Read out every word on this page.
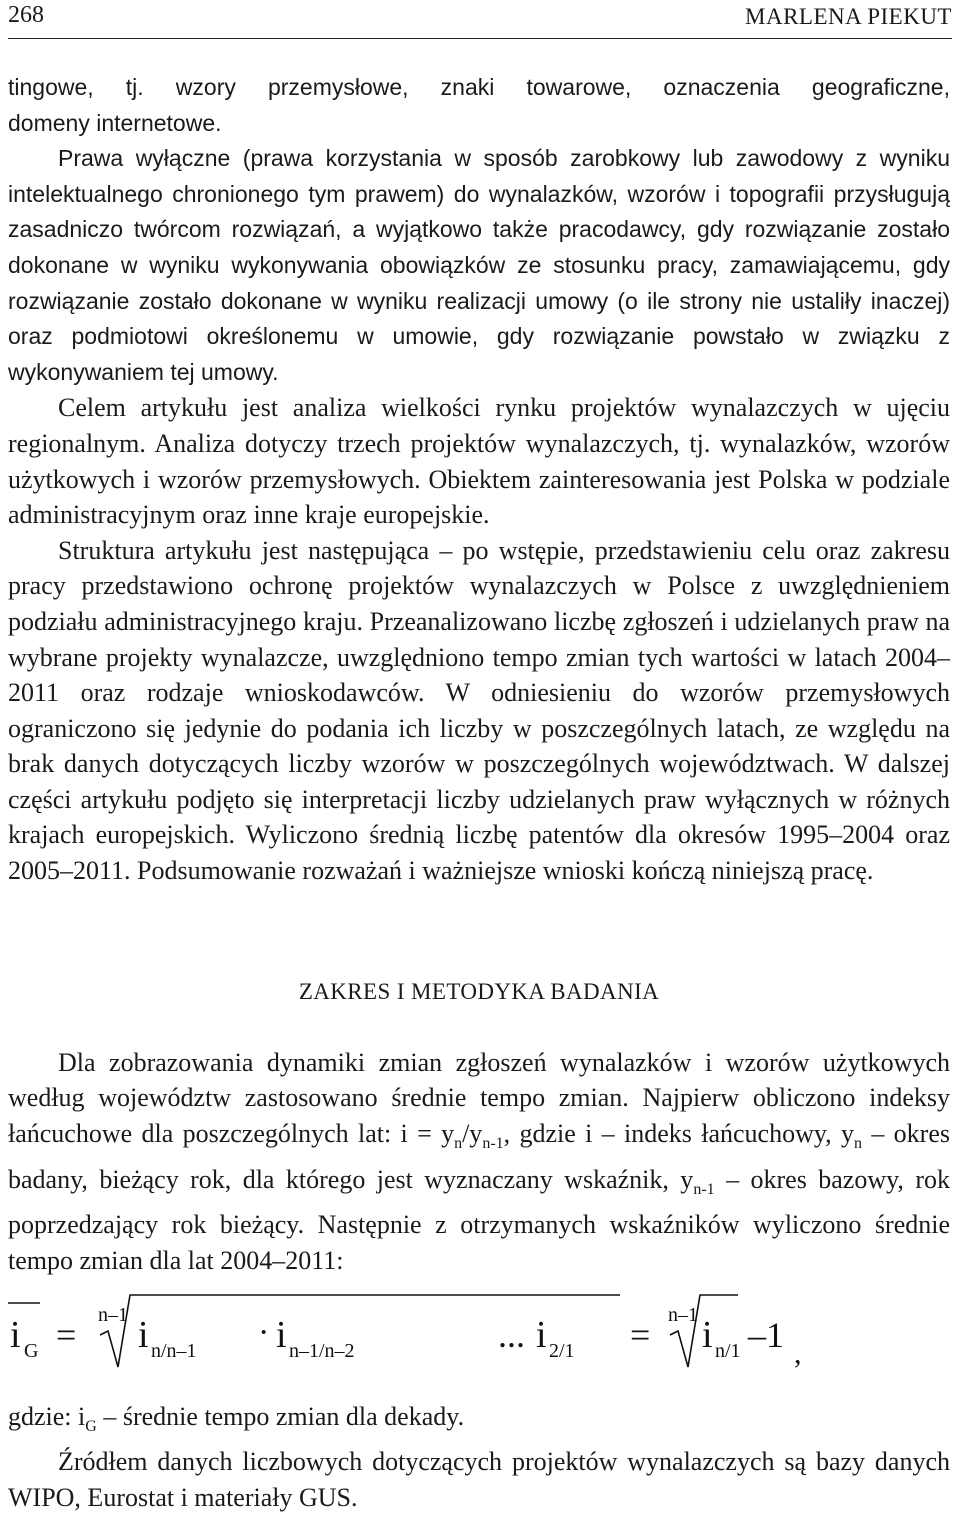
268	MARLENA PIEKUT

tingowe, tj. wzory przemysłowe, znaki towarowe, oznaczenia geograficzne,
domeny internetowe.

Prawa wyłączne (prawa korzystania w sposób zarobkowy lub zawodowy z wyniku intelektualnego chronionego tym prawem) do wynalazków, wzorów i topografii przysługują zasadniczo twórcom rozwiązań, a wyjątkowo także pracodawcy, gdy rozwiązanie zostało dokonane w wyniku wykonywania obowiązków ze stosunku pracy, zamawiającemu, gdy rozwiązanie zostało dokonane w wyniku realizacji umowy (o ile strony nie ustaliły inaczej) oraz podmiotowi określonemu w umowie, gdy rozwiązanie powstało w związku z wykonywaniem tej umowy.

Celem artykułu jest analiza wielkości rynku projektów wynalazczych w ujęciu regionalnym. Analiza dotyczy trzech projektów wynalazczych, tj. wynalazków, wzorów użytkowych i wzorów przemysłowych. Obiektem zainteresowania jest Polska w podziale administracyjnym oraz inne kraje europejskie.

Struktura artykułu jest następująca – po wstępie, przedstawieniu celu oraz zakresu pracy przedstawiono ochronę projektów wynalazczych w Polsce z uwzględnieniem podziału administracyjnego kraju. Przeanalizowano liczbę zgłoszeń i udzielanych praw na wybrane projekty wynalazcze, uwzględniono tempo zmian tych wartości w latach 2004–2011 oraz rodzaje wnioskodawców. W odniesieniu do wzorów przemysłowych ograniczono się jedynie do podania ich liczby w poszczególnych latach, ze względu na brak danych dotyczących liczby wzorów w poszczególnych województwach. W dalszej części artykułu podjęto się interpretacji liczby udzielanych praw wyłącznych w różnych krajach europejskich. Wyliczono średnią liczbę patentów dla okresów 1995–2004 oraz 2005–2011. Podsumowanie rozważań i ważniejsze wnioski kończą niniejszą pracę.

ZAKRES I METODYKA BADANIA

Dla zobrazowania dynamiki zmian zgłoszeń wynalazków i wzorów użytkowych według województw zastosowano średnie tempo zmian. Najpierw obliczono indeksy łańcuchowe dla poszczególnych lat: $i = y_n/y_{n-1}$, gdzie i – indeks łańcuchowy, $y_n$ – okres badany, bieżący rok, dla którego jest wyznaczany wskaźnik, $y_{n-1}$ – okres bazowy, rok poprzedzający rok bieżący. Następnie z otrzymanych wskaźników wyliczono średnie tempo zmian dla lat 2004–2011:

i G = n–1 i n/n–1 · i n–1/n–2	... i 2/1 = n–1 i n/1 –1 ,

gdzie: $i_G$ – średnie tempo zmian dla dekady.

Źródłem danych liczbowych dotyczących projektów wynalazczych są bazy danych WIPO, Eurostat i materiały GUS.
